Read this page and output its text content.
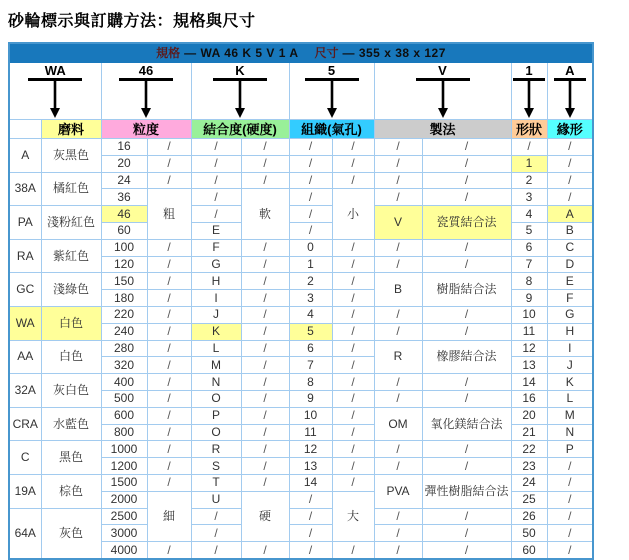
砂輪標示與訂購方法：規格與尺寸
規格 — WA 46 K 5 V 1 A 尺寸 — 355 x 38 x 127											

WA		46		K		5		V		1	A

	磨料	粒度		結合度(硬度)		組織(氣孔)		製法		形狀	緣形
A	灰黑色	16	/	/	/	/	/	/	/	/	/
		20	/	/	/	/	/	/	/	1	/
38A	橘紅色	24	/	/	/	/	/	/	/	2	/
		36	粗	/	軟	/	小	/	/	3	/
PA	淺粉紅色	46		/		/		V	瓷質結合法	4	A
		60		E		/				5	B
RA	紫紅色	100	/	F	/	0	/	/	/	6	C
		120	/	G	/	1	/	/	/	7	D
GC	淺綠色	150	/	H	/	2	/	B	樹脂結合法	8	E
		180	/	I	/	3	/			9	F
WA	白色	220	/	J	/	4	/	/	/	10	G
		240	/	K	/	5	/	/	/	11	H
AA	白色	280	/	L	/	6	/	R	橡膠結合法	12	I
		320	/	M	/	7	/			13	J
32A	灰白色	400	/	N	/	8	/	/	/	14	K
		500	/	O	/	9	/	/	/	16	L
CRA	水藍色	600	/	P	/	10	/	OM	氧化鎂結合法	20	M
		800	/	O	/	11	/			21	N
C	黑色	1000	/	R	/	12	/	/	/	22	P
		1200	/	S	/	13	/	/	/	23	/
19A	棕色	1500	/	T	/	14	/	PVA	彈性樹脂結合法	24	/
		2000	細	U	硬	/	大			25	/
64A	灰色	2500		/		/		/	/	26	/
		3000		/		/		/	/	50	/
		4000	/	/	/	/	/	/	/	60	/
